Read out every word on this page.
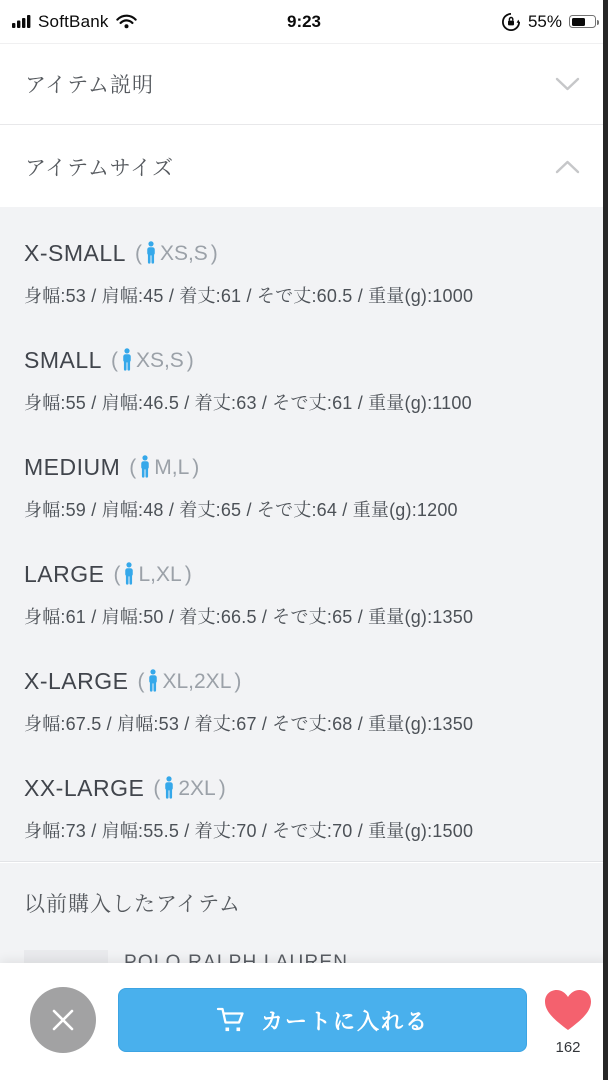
SoftBank	9:23	55%
アイテム説明
アイテムサイズ
X-SMALL ( XS,S )
身幅:53 / 肩幅:45 / 着丈:61 / そで丈:60.5 / 重量(g):1000
SMALL ( XS,S )
身幅:55 / 肩幅:46.5 / 着丈:63 / そで丈:61 / 重量(g):1100
MEDIUM ( M,L )
身幅:59 / 肩幅:48 / 着丈:65 / そで丈:64 / 重量(g):1200
LARGE ( L,XL )
身幅:61 / 肩幅:50 / 着丈:66.5 / そで丈:65 / 重量(g):1350
X-LARGE ( XL,2XL )
身幅:67.5 / 肩幅:53 / 着丈:67 / そで丈:68 / 重量(g):1350
XX-LARGE ( 2XL )
身幅:73 / 肩幅:55.5 / 着丈:70 / そで丈:70 / 重量(g):1500
以前購入したアイテム
カートに入れる
162
